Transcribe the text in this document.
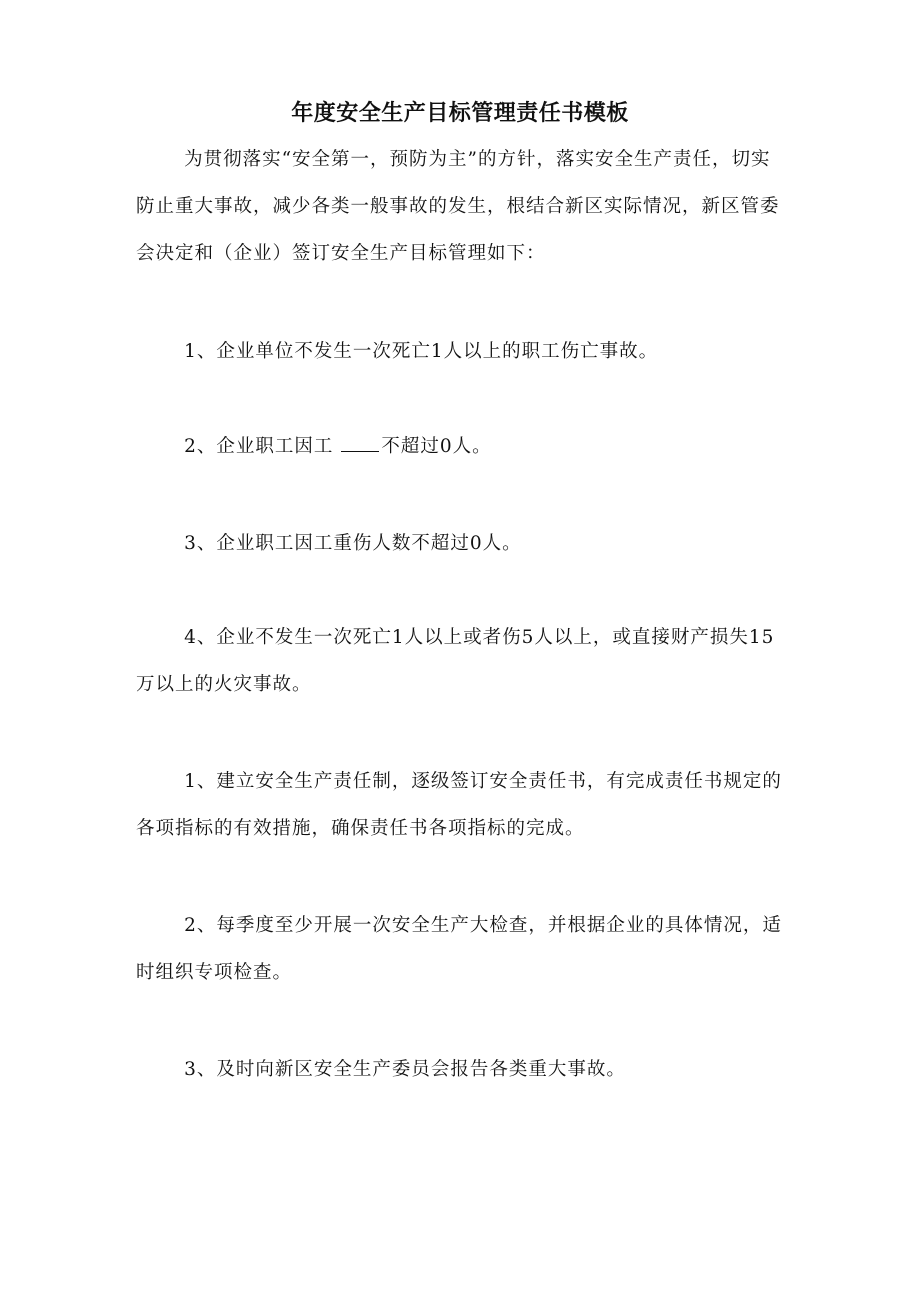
年度安全生产目标管理责任书模板
为贯彻落实“安全第一，预防为主”的方针，落实安全生产责任，切实防止重大事故，减少各类一般事故的发生，根结合新区实际情况，新区管委会决定和（企业）签订安全生产目标管理如下：
1、企业单位不发生一次死亡1人以上的职工伤亡事故。
2、企业职工因工	不超过0人。
3、企业职工因工重伤人数不超过0人。
4、企业不发生一次死亡1人以上或者伤5人以上，或直接财产损失15万以上的火灾事故。
1、建立安全生产责任制，逐级签订安全责任书，有完成责任书规定的各项指标的有效措施，确保责任书各项指标的完成。
2、每季度至少开展一次安全生产大检查，并根据企业的具体情况，适时组织专项检查。
3、及时向新区安全生产委员会报告各类重大事故。
